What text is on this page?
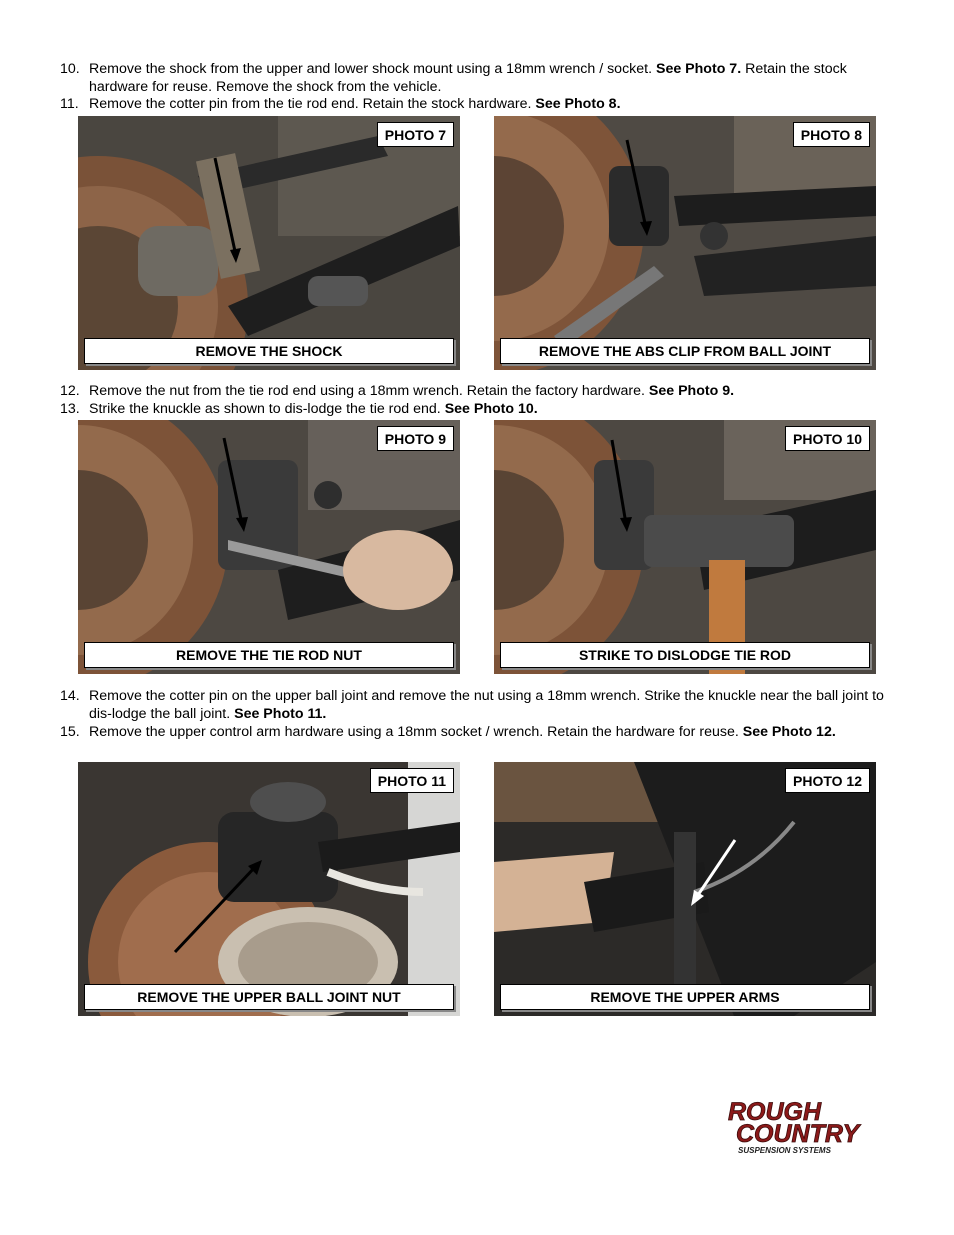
10. Remove the shock from the upper and lower shock mount using a 18mm wrench / socket. See Photo 7. Retain the stock hardware for reuse. Remove the shock from the vehicle.
11. Remove the cotter pin from the tie rod end. Retain the stock hardware. See Photo 8.
PHOTO 7
REMOVE THE SHOCK
PHOTO 8
REMOVE THE ABS CLIP FROM BALL JOINT
12. Remove the nut from the tie rod end using a 18mm wrench. Retain the factory hardware. See Photo 9.
13. Strike the knuckle as shown to dis-lodge the tie rod end. See Photo 10.
PHOTO 9
REMOVE THE TIE ROD NUT
PHOTO 10
STRIKE TO DISLODGE TIE ROD
14. Remove the cotter pin on the upper ball joint and remove the nut using a 18mm wrench. Strike the knuckle near the ball joint to dis-lodge the ball joint. See Photo 11.
15. Remove the upper control arm hardware using a 18mm socket / wrench. Retain the hardware for reuse. See Photo 12.
PHOTO 11
REMOVE THE UPPER BALL JOINT NUT
PHOTO 12
REMOVE THE UPPER ARMS
ROUGH
COUNTRY
SUSPENSION SYSTEMS
